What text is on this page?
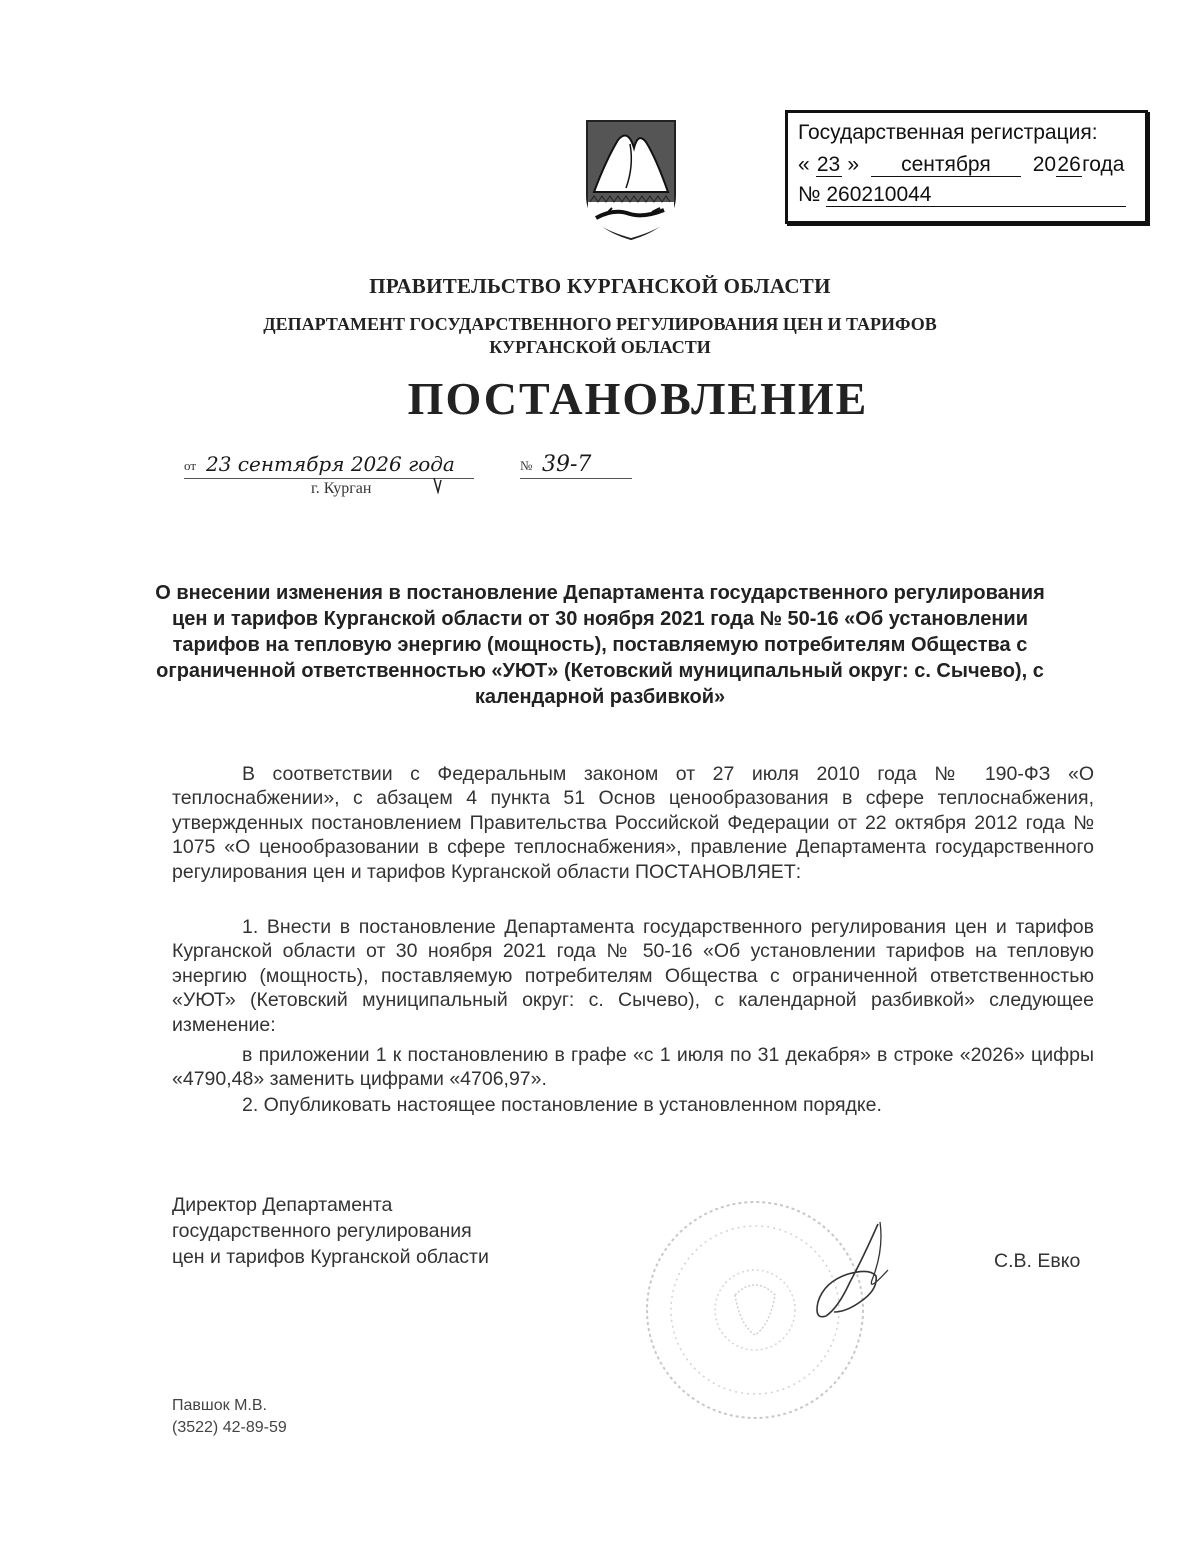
Государственная регистрация:
« 23 » сентября 2026года
№ 260210044
ПРАВИТЕЛЬСТВО КУРГАНСКОЙ ОБЛАСТИ
ДЕПАРТАМЕНТ ГОСУДАРСТВЕННОГО РЕГУЛИРОВАНИЯ ЦЕН И ТАРИФОВ
КУРГАНСКОЙ ОБЛАСТИ
ПОСТАНОВЛЕНИЕ
от 23 сентября 2026 года	№ 39-7
г. Курган
О внесении изменения в постановление Департамента государственного регулирования цен и тарифов Курганской области от 30 ноября 2021 года № 50-16 «Об установлении тарифов на тепловую энергию (мощность), поставляемую потребителям Общества с ограниченной ответственностью «УЮТ» (Кетовский муниципальный округ: с. Сычево), с календарной разбивкой»

В соответствии с Федеральным законом от 27 июля 2010 года № 190-ФЗ «О теплоснабжении», с абзацем 4 пункта 51 Основ ценообразования в сфере теплоснабжения, утвержденных постановлением Правительства Российской Федерации от 22 октября 2012 года № 1075 «О ценообразовании в сфере теплоснабжения», правление Департамента государственного регулирования цен и тарифов Курганской области ПОСТАНОВЛЯЕТ:

1. Внести в постановление Департамента государственного регулирования цен и тарифов Курганской области от 30 ноября 2021 года № 50-16 «Об установлении тарифов на тепловую энергию (мощность), поставляемую потребителям Общества с ограниченной ответственностью «УЮТ» (Кетовский муниципальный округ: с. Сычево), с календарной разбивкой» следующее изменение:

в приложении 1 к постановлению в графе «с 1 июля по 31 декабря» в строке «2026» цифры «4790,48» заменить цифрами «4706,97».

2. Опубликовать настоящее постановление в установленном порядке.

Директор Департамента
государственного регулирования
цен и тарифов Курганской области	С.В. Евко
Павшок М.В.
(3522) 42-89-59
